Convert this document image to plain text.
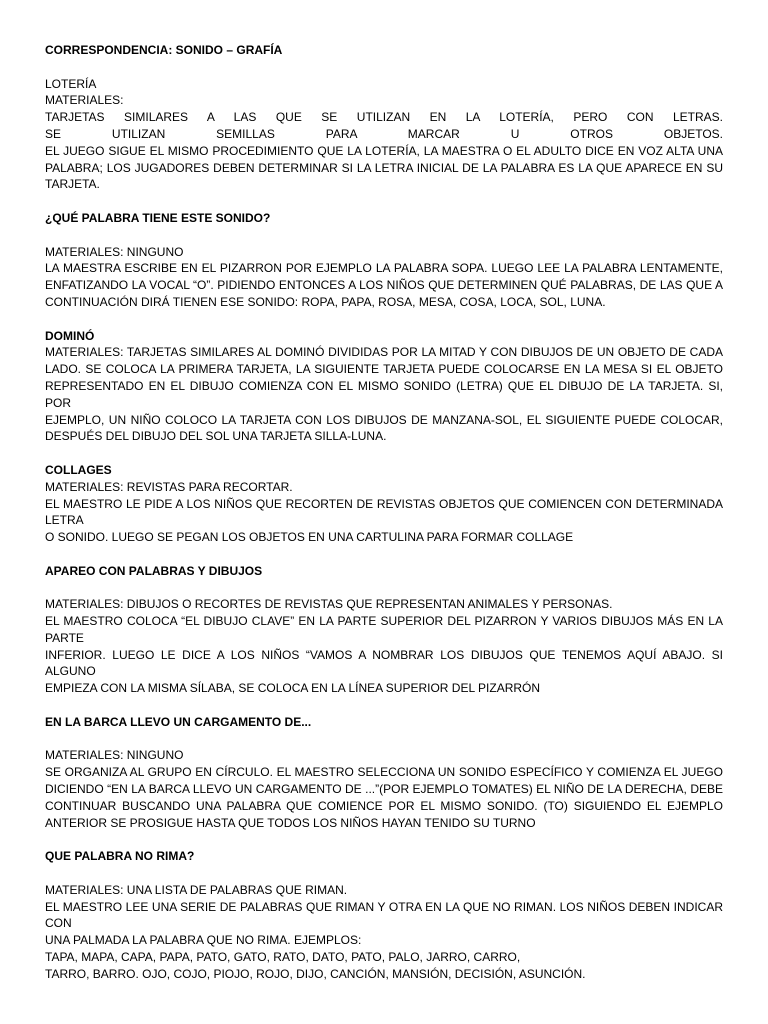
CORRESPONDENCIA: SONIDO – GRAFÍA
LOTERÍA
MATERIALES:
TARJETAS SIMILARES A LAS QUE SE UTILIZAN EN LA LOTERÍA, PERO CON LETRAS.
SE UTILIZAN SEMILLAS PARA MARCAR U OTROS OBJETOS.
EL JUEGO SIGUE EL MISMO PROCEDIMIENTO QUE LA LOTERÍA, LA MAESTRA O EL ADULTO DICE EN VOZ ALTA UNA
PALABRA; LOS JUGADORES DEBEN DETERMINAR SI LA LETRA INICIAL DE LA PALABRA ES LA QUE APARECE EN SU
TARJETA.
¿QUÉ PALABRA TIENE ESTE SONIDO?
MATERIALES: NINGUNO
LA MAESTRA ESCRIBE EN EL PIZARRON POR EJEMPLO LA PALABRA SOPA. LUEGO LEE LA PALABRA LENTAMENTE,
ENFATIZANDO LA VOCAL “O”. PIDIENDO ENTONCES A LOS NIÑOS QUE DETERMINEN QUÉ PALABRAS, DE LAS QUE A
CONTINUACIÓN DIRÁ TIENEN ESE SONIDO: ROPA, PAPA, ROSA, MESA, COSA, LOCA, SOL, LUNA.
DOMINÓ
MATERIALES: TARJETAS SIMILARES AL DOMINÓ DIVIDIDAS POR LA MITAD Y CON DIBUJOS DE UN OBJETO DE CADA
LADO. SE COLOCA LA PRIMERA TARJETA, LA SIGUIENTE TARJETA PUEDE COLOCARSE EN LA MESA SI EL OBJETO
REPRESENTADO EN EL DIBUJO COMIENZA CON EL MISMO SONIDO (LETRA) QUE EL DIBUJO DE LA TARJETA. SI, POR
EJEMPLO, UN NIÑO COLOCO LA TARJETA CON LOS DIBUJOS DE MANZANA-SOL, EL SIGUIENTE PUEDE COLOCAR,
DESPUÉS DEL DIBUJO DEL SOL UNA TARJETA SILLA-LUNA.
COLLAGES
MATERIALES: REVISTAS PARA RECORTAR.
EL MAESTRO LE PIDE A LOS NIÑOS QUE RECORTEN DE REVISTAS OBJETOS QUE COMIENCEN CON DETERMINADA LETRA
O SONIDO. LUEGO SE PEGAN LOS OBJETOS EN UNA CARTULINA PARA FORMAR COLLAGE
APAREO CON PALABRAS Y DIBUJOS
MATERIALES: DIBUJOS O RECORTES DE REVISTAS QUE REPRESENTAN ANIMALES Y PERSONAS.
EL MAESTRO COLOCA “EL DIBUJO CLAVE” EN LA PARTE SUPERIOR DEL PIZARRON Y VARIOS DIBUJOS MÁS EN LA PARTE
INFERIOR. LUEGO LE DICE A LOS NIÑOS “VAMOS A NOMBRAR LOS DIBUJOS QUE TENEMOS AQUÍ ABAJO. SI ALGUNO
EMPIEZA CON LA MISMA SÍLABA, SE COLOCA EN LA LÍNEA SUPERIOR DEL PIZARRÓN
EN LA BARCA LLEVO UN CARGAMENTO DE...
MATERIALES: NINGUNO
SE ORGANIZA AL GRUPO EN CÍRCULO. EL MAESTRO SELECCIONA UN SONIDO ESPECÍFICO Y COMIENZA EL JUEGO
DICIENDO “EN LA BARCA LLEVO UN CARGAMENTO DE ...”(POR EJEMPLO TOMATES) EL NIÑO DE LA DERECHA, DEBE
CONTINUAR BUSCANDO UNA PALABRA QUE COMIENCE POR EL MISMO SONIDO. (TO) SIGUIENDO EL EJEMPLO
ANTERIOR SE PROSIGUE HASTA QUE TODOS LOS NIÑOS HAYAN TENIDO SU TURNO
QUE PALABRA NO RIMA?
MATERIALES: UNA LISTA DE PALABRAS QUE RIMAN.
EL MAESTRO LEE UNA SERIE DE PALABRAS QUE RIMAN Y OTRA EN LA QUE NO RIMAN. LOS NIÑOS DEBEN INDICAR CON
UNA PALMADA LA PALABRA QUE NO RIMA. EJEMPLOS:
TAPA, MAPA, CAPA, PAPA, PATO, GATO, RATO, DATO, PATO, PALO, JARRO, CARRO,
TARRO, BARRO. OJO, COJO, PIOJO, ROJO, DIJO, CANCIÓN, MANSIÓN, DECISIÓN, ASUNCIÓN.
